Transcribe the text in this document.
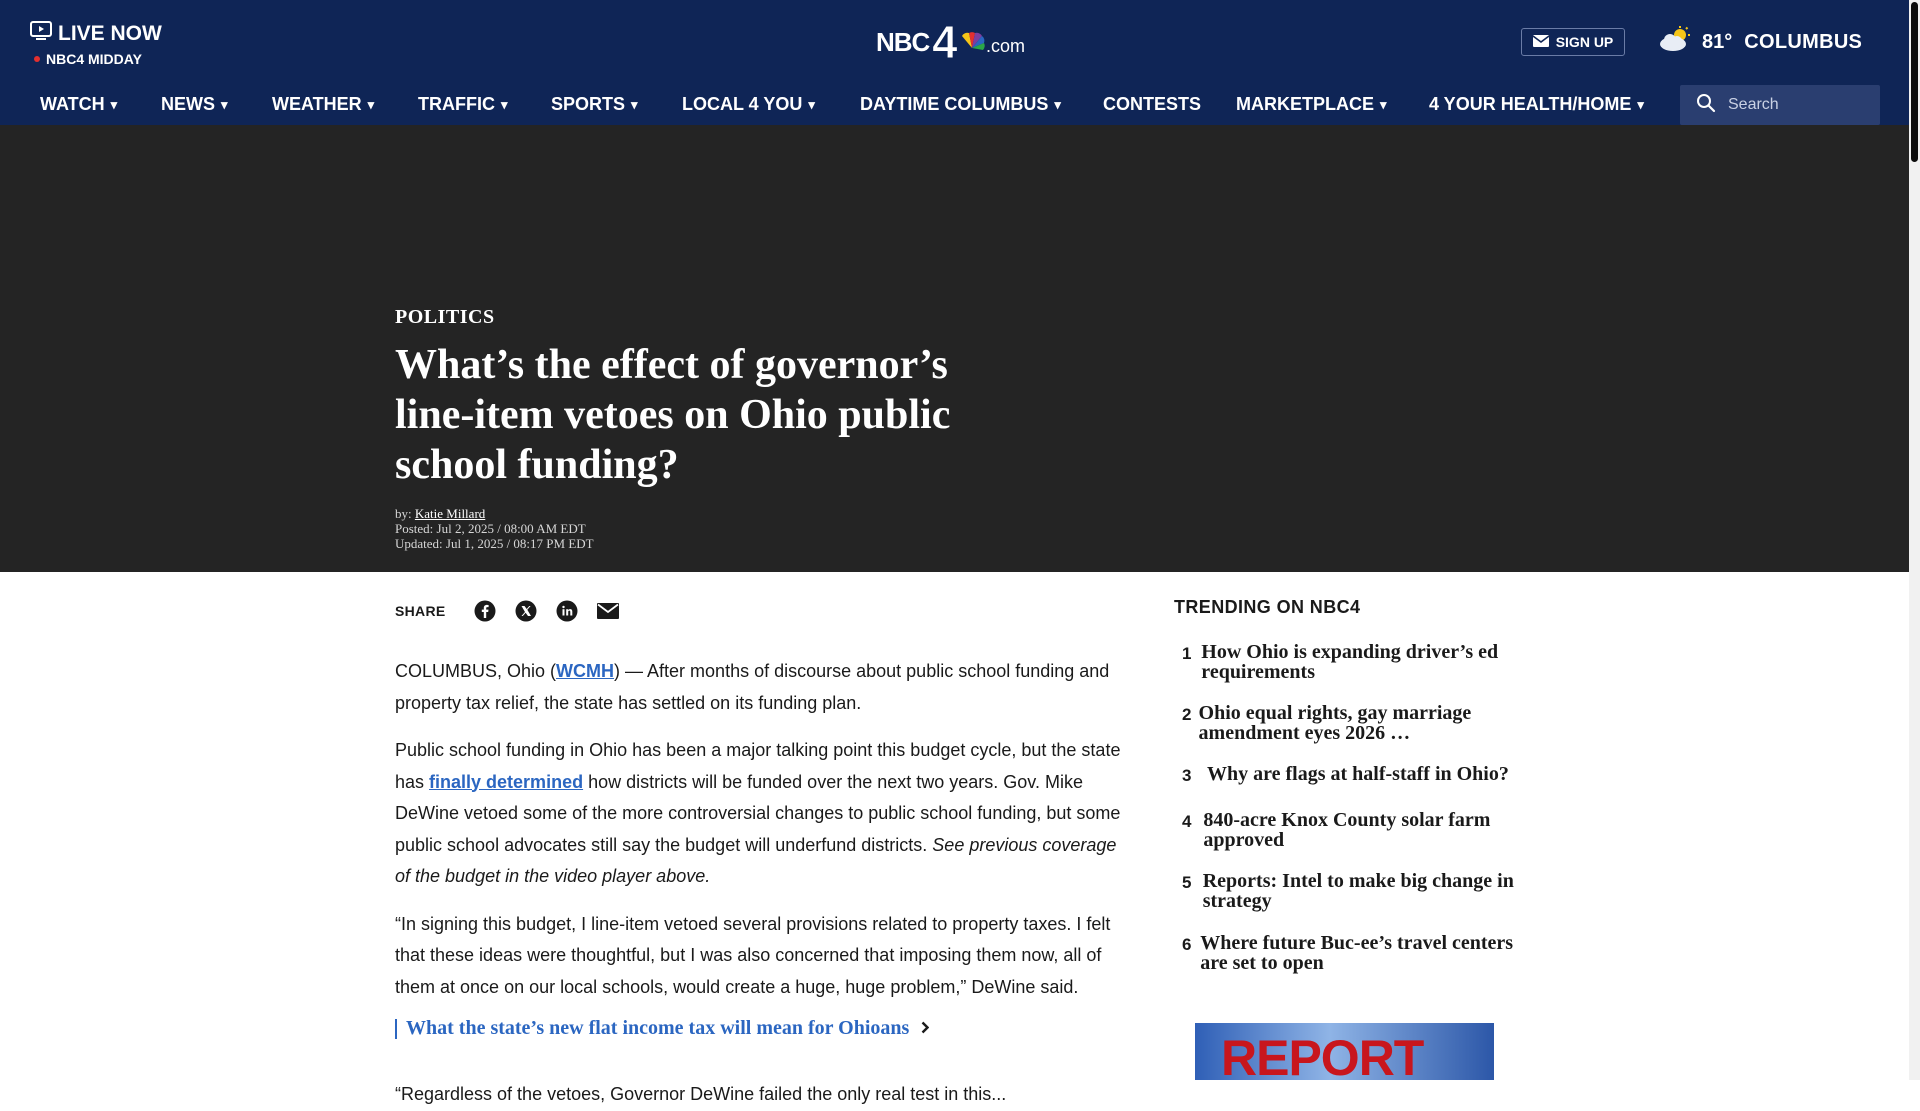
LIVE NOW
NBC4 MIDDAY
NBC 4 .com	SIGN UP	81° COLUMBUS
WATCH ▾ NEWS ▾ WEATHER ▾ TRAFFIC ▾ SPORTS ▾ LOCAL 4 YOU ▾	DAYTIME COLUMBUS ▾ CONTESTS MARKETPLACE ▾ 4 YOUR HEALTH/HOME ▾
Search
POLITICS
What’s the effect of governor’s line-item vetoes on Ohio public school funding?
by: Katie Millard
Posted: Jul 2, 2025 / 08:00 AM EDT
Updated: Jul 1, 2025 / 08:17 PM EDT
SHARE

COLUMBUS, Ohio (WCMH) — After months of discourse about public school funding and property tax relief, the state has settled on its funding plan.

Public school funding in Ohio has been a major talking point this budget cycle, but the state has finally determined how districts will be funded over the next two years. Gov. Mike DeWine vetoed some of the more controversial changes to public school funding, but some public school advocates still say the budget will underfund districts. See previous coverage of the budget in the video player above.

“In signing this budget, I line-item vetoed several provisions related to property taxes. I felt that these ideas were thoughtful, but I was also concerned that imposing them now, all of them at once on our local schools, would create a huge, huge problem,” DeWine said.

What the state’s new flat income tax will mean for Ohioans

“Regardless of the vetoes, Governor DeWine failed the only real test in this...

TRENDING ON NBC4
1 How Ohio is expanding driver’s ed requirements
2 Ohio equal rights, gay marriage amendment eyes 2026 …
3 Why are flags at half-staff in Ohio?
4 840-acre Knox County solar farm approved
5 Reports: Intel to make big change in strategy
6 Where future Buc-ee’s travel centers are set to open
REPORT
